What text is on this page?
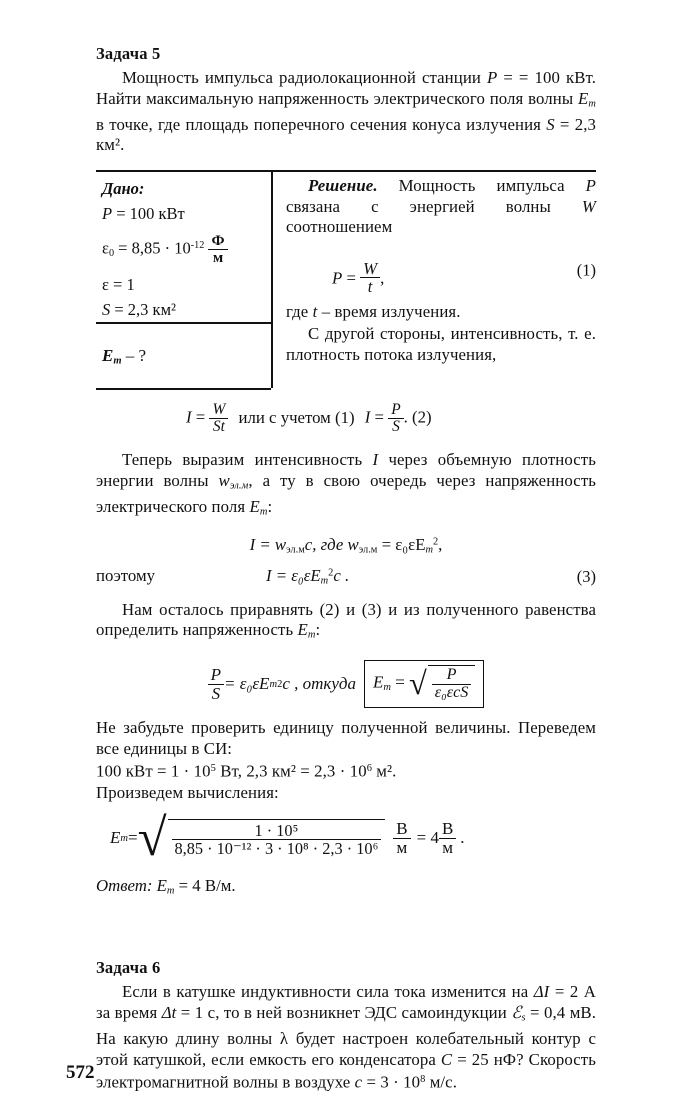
Задача 5

Мощность импульса радиолокационной станции P = = 100 кВт. Найти максимальную напряженность электрического поля волны $E_m$ в точке, где площадь поперечного сечения конуса излучения S = 2,3 км².

Дано:
P = 100 кВт
$\varepsilon_0 = 8,85 \cdot 10^{-12} \frac{Ф}{м}$
ε = 1
S = 2,3 км²
$E_m$ – ?

Решение. Мощность импульса P связана с энергией волны W соотношением

$P = \frac{W}{t}$ ,	(1)

где t – время излучения.

С другой стороны, интенсивность, т. е. плотность потока излучения,

$I = \frac{W}{St}$ или с учетом (1) $I = \frac{P}{S}$ . (2)

Теперь выразим интенсивность I через объемную плотность энергии волны $w_{эл.м}$, а ту в свою очередь через напряженность электрического поля $E_m$:

$I = w_{эл.м}c$, где $w_{эл.м} = \varepsilon_0\varepsilon E_m^2$,
поэтому	$I = \varepsilon_0\varepsilon E_m^2c$ .	(3)

Нам осталось приравнять (2) и (3) и из полученного равенства определить напряженность $E_m$:

$\frac{P}{S} = \varepsilon_0\varepsilon E$ m 2 c , откуда	$E_m$ = √ $\frac{P}{\text{ε₀εcS}}$

Не забудьте проверить единицу полученной величины. Переведем все единицы в СИ:

100 кВт = $1 \cdot 10^5$ Вт, 2,3 $км^2 = 2,3 \cdot 10^6$ м².

Произведем вычисления:

E m = √ $\frac{\text{1 · 10⁵}}{\text{8,85 · 10⁻¹² · 3 · 10⁸ · 2,3 · 10⁶}} \frac{В}{м} = 4 \frac{В}{м}$ .
Ответ: $E_m = 4$ В/м.
Задача 6

Если в катушке индуктивности сила тока изменится на ΔI = 2 А за время Δt = 1 с, то в ней возникнет ЭДС самоиндукции ℰ$_s$ = 0,4 мВ. На какую длину волны λ будет настроен колебательный контур с этой катушкой, если емкость его конденсатора C = 25 нФ? Скорость электромагнитной волны в воздухе $c = 3 \cdot 10^8$ м/с.

572
